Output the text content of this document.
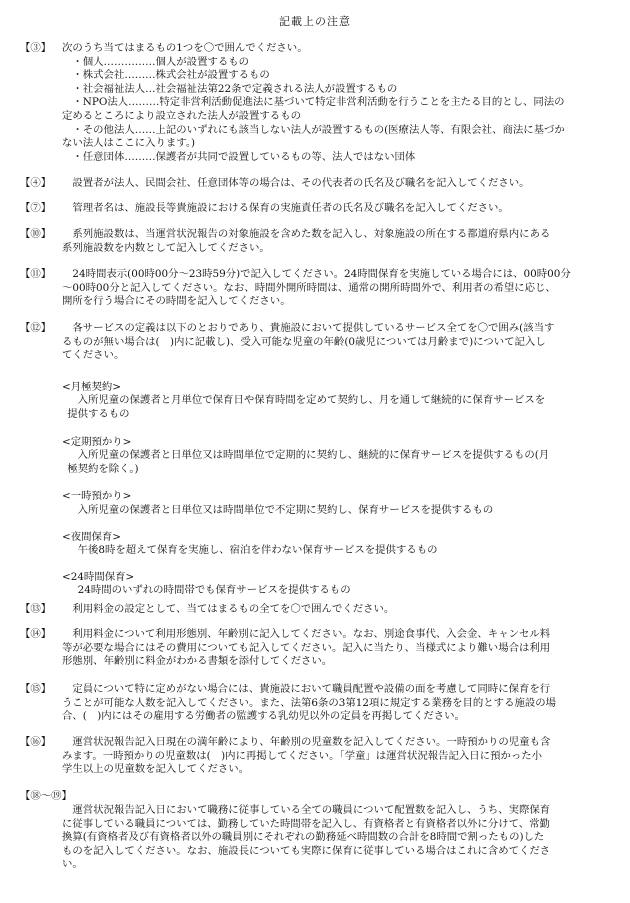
記載上の注意
【③】	次のうち当てはまるもの1つを〇で囲んでください。

・個人……………個人が設置するもの

・株式会社………株式会社が設置するもの

・社会福祉法人…社会福祉法第22条で定義される法人が設置するもの

・NPO法人………特定非営利活動促進法に基づいて特定非営利活動を行うことを主たる目的とし、同法の

定めるところにより設立された法人が設置するもの

・その他法人……上記のいずれにも該当しない法人が設置するもの(医療法人等、有限会社、商法に基づか

ない法人はここに入ります。)

・任意団体………保護者が共同で設置しているもの等、法人ではない団体

【④】	設置者が法人、民間会社、任意団体等の場合は、その代表者の氏名及び職名を記入してください。

【⑦】	管理者名は、施設長等貴施設における保育の実施責任者の氏名及び職名を記入してください。

【⑩】	系列施設数は、当運営状況報告の対象施設を含めた数を記入し、対象施設の所在する都道府県内にある

系列施設数を内数として記入してください。

【⑪】	24時間表示(00時00分～23時59分)で記入してください。24時間保育を実施している場合には、00時00分

～00時00分と記入してください。なお、時間外開所時間は、通常の開所時間外で、利用者の希望に応じ、

開所を行う場合にその時間を記入してください。

【⑫】	各サービスの定義は以下のとおりであり、貴施設において提供しているサービス全てを〇で囲み(該当す

るものが無い場合は(　)内に記載し)、受入可能な児童の年齢(0歳児については月齢まで)について記入し

てください。

<月極契約>

入所児童の保護者と月単位で保育日や保育時間を定めて契約し、月を通して継続的に保育サービスを

提供するもの

<定期預かり>

入所児童の保護者と日単位又は時間単位で定期的に契約し、継続的に保育サービスを提供するもの(月

極契約を除く。)

<一時預かり>

入所児童の保護者と日単位又は時間単位で不定期に契約し、保育サービスを提供するもの

<夜間保育>

午後8時を超えて保育を実施し、宿泊を伴わない保育サービスを提供するもの

<24時間保育>

24時間のいずれの時間帯でも保育サービスを提供するもの

【⑬】	利用料金の設定として、当てはまるもの全てを〇で囲んでください。

【⑭】	利用料金について利用形態別、年齢別に記入してください。なお、別途食事代、入会金、キャンセル料

等が必要な場合にはその費用についても記入してください。記入に当たり、当様式により難い場合は利用

形態別、年齢別に料金がわかる書類を添付してください。

【⑮】	定員について特に定めがない場合には、貴施設において職員配置や設備の面を考慮して同時に保育を行

うことが可能な人数を記入してください。また、法第6条の3第12項に規定する業務を目的とする施設の場

合、(　)内にはその雇用する労働者の監護する乳幼児以外の定員を再掲してください。

【⑯】	運営状況報告記入日現在の満年齢により、年齢別の児童数を記入してください。一時預かりの児童も含

みます。一時預かりの児童数は(　)内に再掲してください。「学童」は運営状況報告記入日に預かった小

学生以上の児童数を記入してください。

【⑱～⑲】

運営状況報告記入日において職務に従事している全ての職員について配置数を記入し、うち、実際保育

に従事している職員については、勤務していた時間帯を記入し、有資格者と有資格者以外に分けて、常勤

換算(有資格者及び有資格者以外の職員別にそれぞれの勤務延べ時間数の合計を8時間で割ったもの)した

ものを記入してください。なお、施設長についても実際に保育に従事している場合はこれに含めてくださ

い。
